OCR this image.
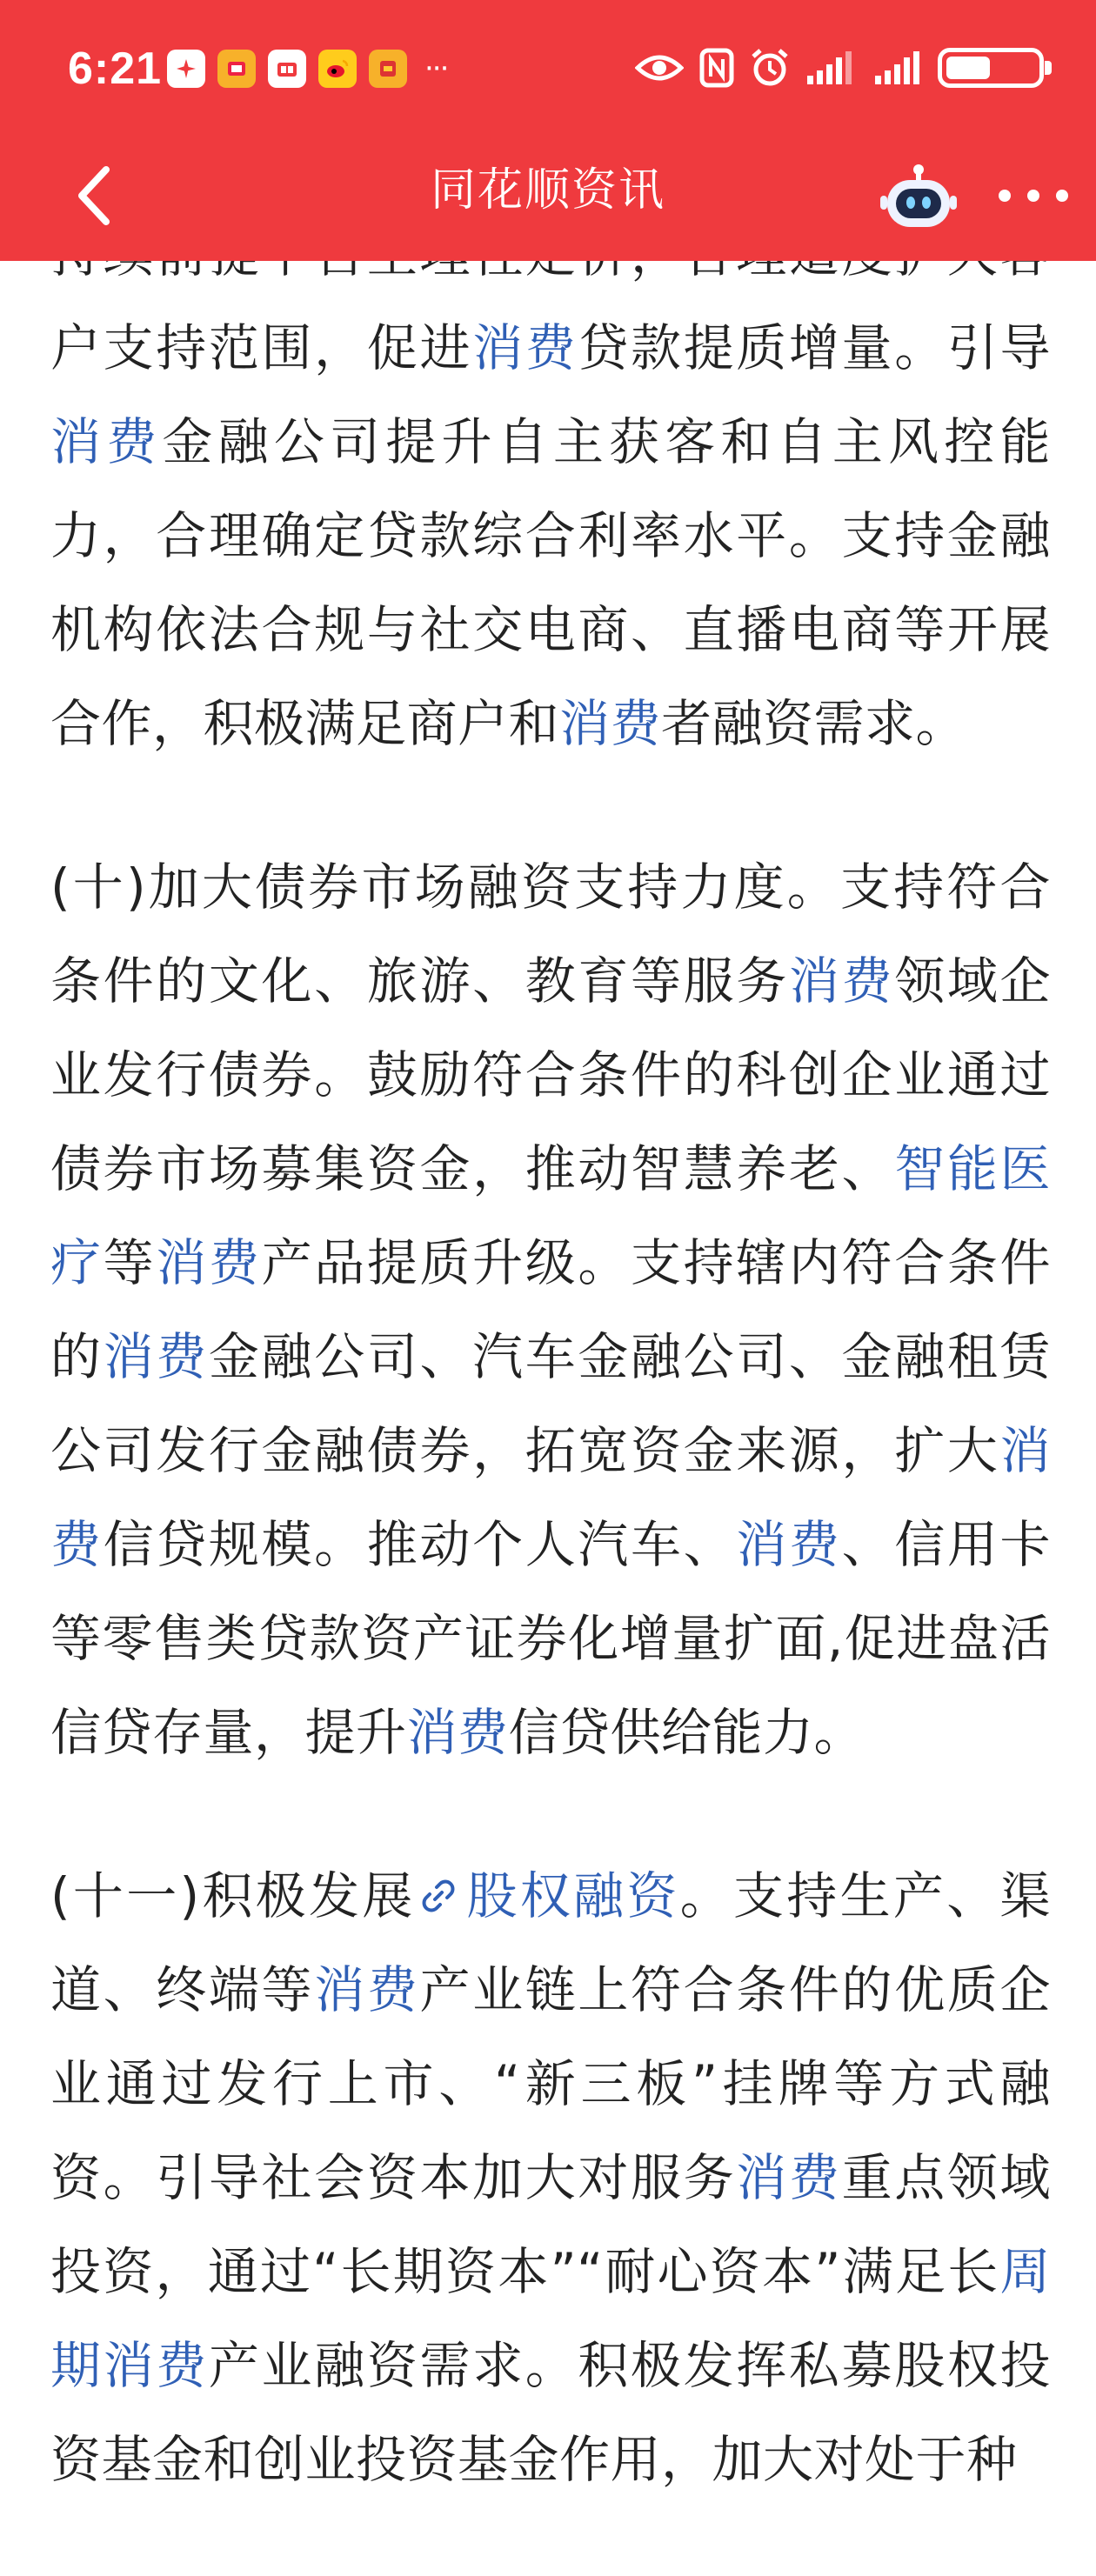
6:21	···
同花顺资讯

户支持范围，促进消费贷款提质增量。引导消费金融公司提升自主获客和自主风控能力，合理确定贷款综合利率水平。支持金融机构依法合规与社交电商、直播电商等开展合作，积极满足商户和消费者融资需求。

(十)加大债券市场融资支持力度。支持符合条件的文化、旅游、教育等服务消费领域企业发行债券。鼓励符合条件的科创企业通过债券市场募集资金，推动智慧养老、智能医疗等消费产品提质升级。支持辖内符合条件的消费金融公司、汽车金融公司、金融租赁公司发行金融债券，拓宽资金来源，扩大消费信贷规模。推动个人汽车、消费、信用卡等零售类贷款资产证券化增量扩面,促进盘活信贷存量，提升消费信贷供给能力。

(十一)积极发展 股权融资。支持生产、渠道、终端等消费产业链上符合条件的优质企业通过发行上市、“新三板”挂牌等方式融资。引导社会资本加大对服务消费重点领域投资，通过“长期资本”“耐心资本”满足长周期消费产业融资需求。积极发挥私募股权投资基金和创业投资基金作用，加大对处于种
